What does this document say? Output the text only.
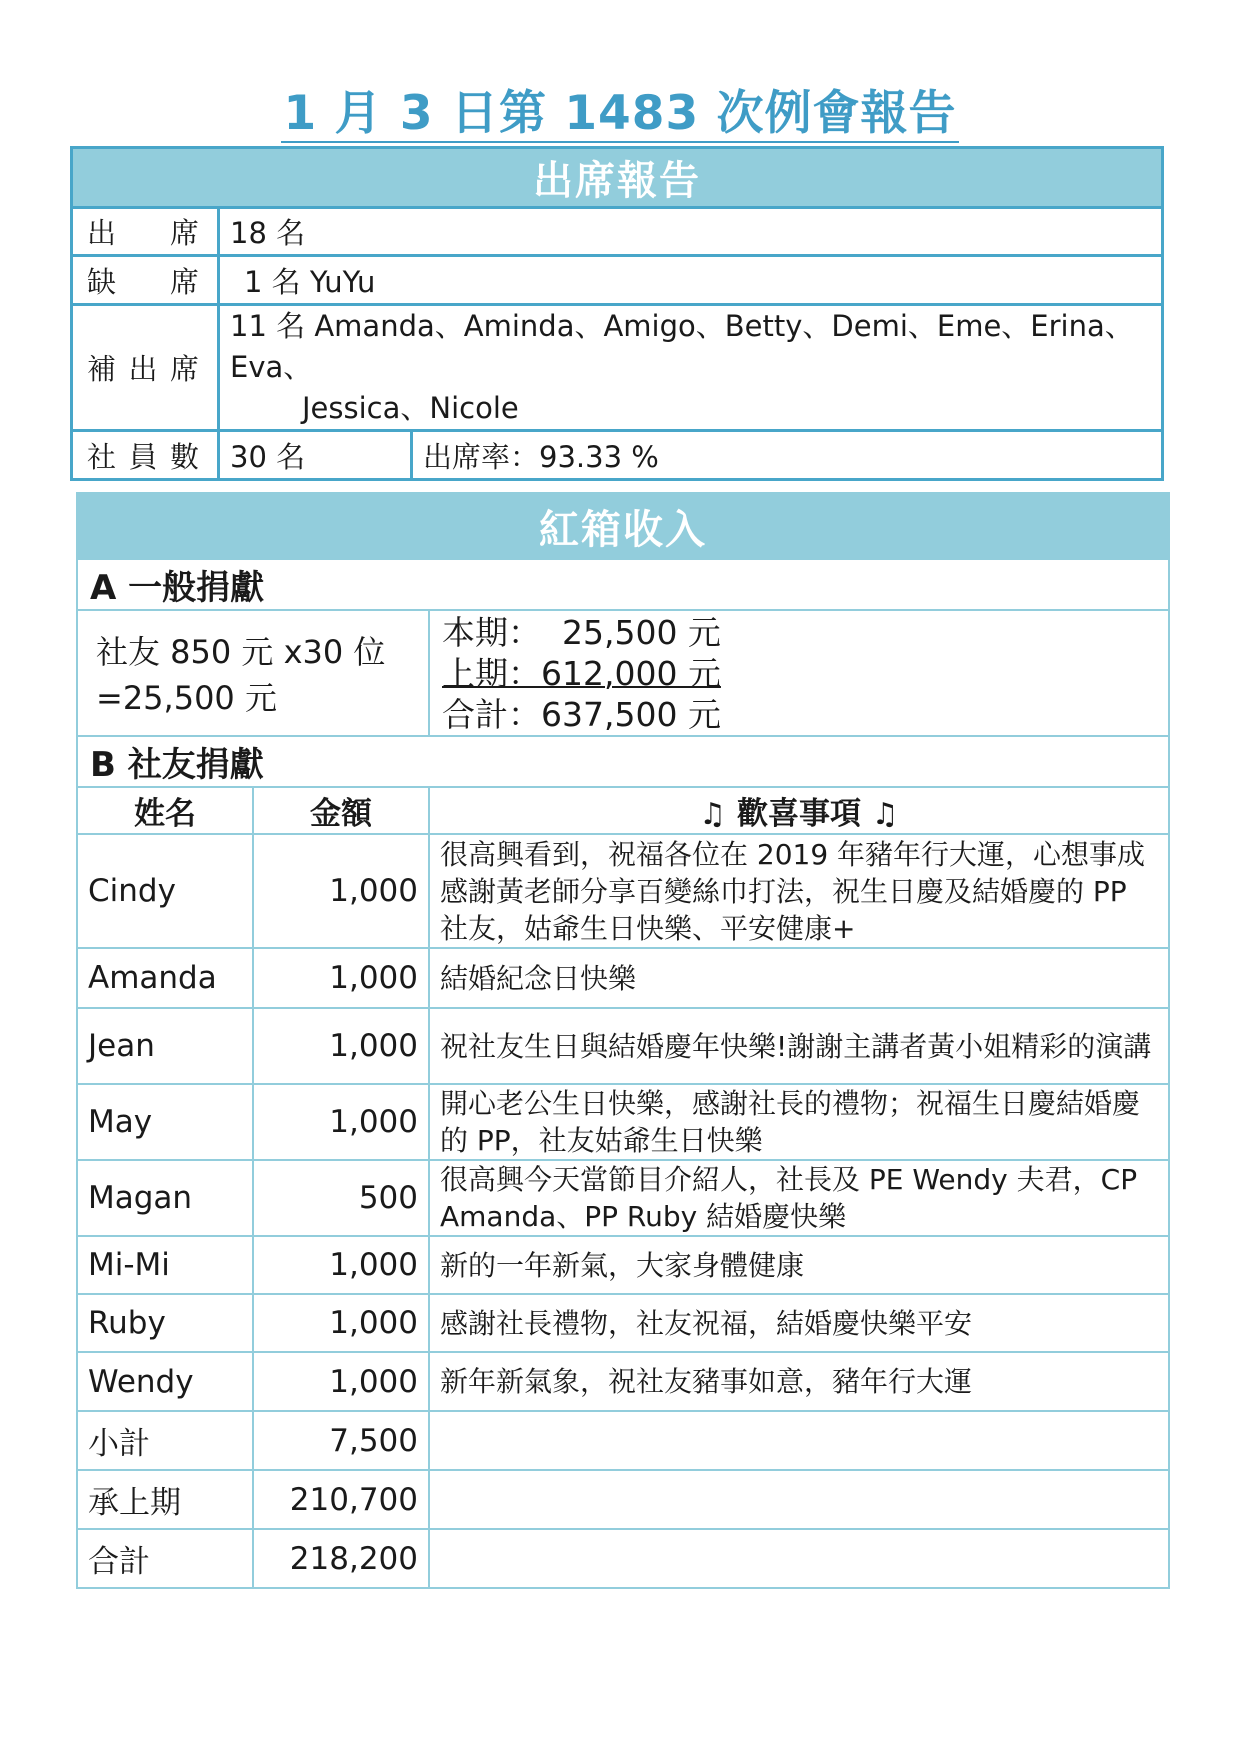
1 月 3 日第 1483 次例會報告
出席報告		

出 席	18 名	

缺 席	1 名 YuYu	

補 出 席	11 名 Amanda、Aminda、Amigo、Betty、Demi、Eme、Erina、Eva、
Jessica、Nicole	

社 員 數	30 名	出席率：93.33 %
紅箱收入		
A 一般捐獻		
社友 850 元 x30 位=25,500 元		本期：  25,500 元
上期：612,000 元
合計：637,500 元

B 社友捐獻		
姓名	金額	♫ 歡喜事項 ♫
Cindy	1,000	很高興看到，祝福各位在 2019 年豬年行大運，心想事成感謝黃老師分享百變絲巾打法，祝生日慶及結婚慶的 PP 社友，姑爺生日快樂、平安健康+
Amanda	1,000	結婚紀念日快樂
Jean	1,000	祝社友生日與結婚慶年快樂!謝謝主講者黃小姐精彩的演講
May	1,000	開心老公生日快樂，感謝社長的禮物；祝福生日慶結婚慶的 PP，社友姑爺生日快樂
Magan	500	很高興今天當節目介紹人，社長及 PE Wendy 夫君，CP Amanda、PP Ruby 結婚慶快樂
Mi-Mi	1,000	新的一年新氣，大家身體健康
Ruby	1,000	感謝社長禮物，社友祝福，結婚慶快樂平安
Wendy	1,000	新年新氣象，祝社友豬事如意，豬年行大運
小計	7,500	
承上期	210,700	
合計	218,200	
